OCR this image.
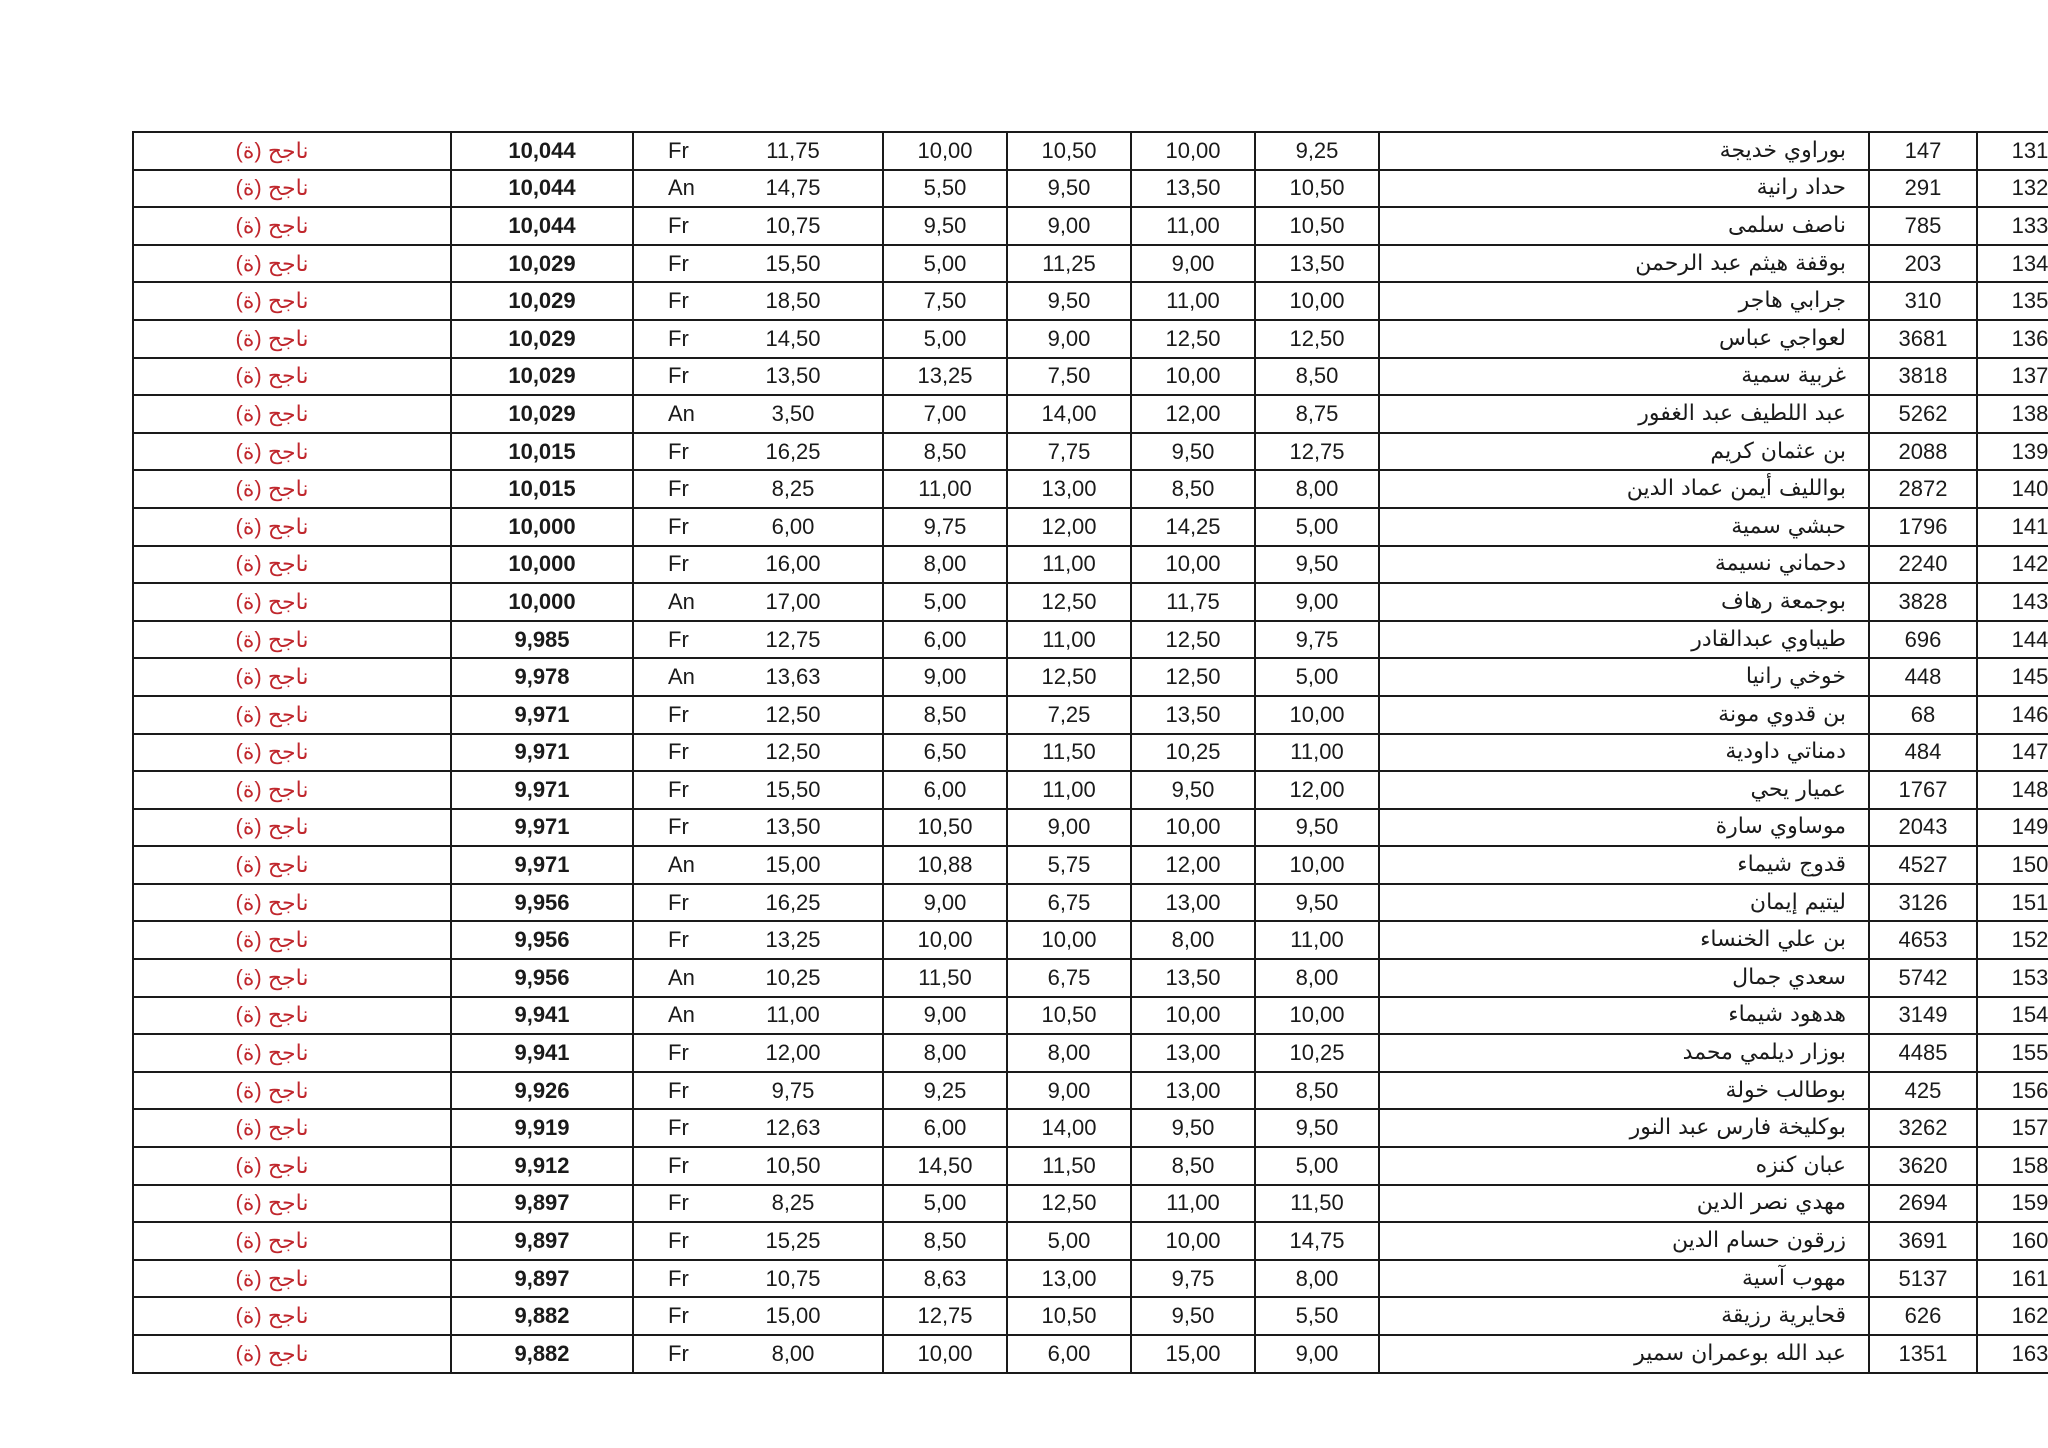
ناجح (ة)	10,044	Fr	11,75	10,00	10,50	10,00	9,25	بوراوي خديجة	147	131
ناجح (ة)	10,044	An	14,75	5,50	9,50	13,50	10,50	حداد رانية	291	132
ناجح (ة)	10,044	Fr	10,75	9,50	9,00	11,00	10,50	ناصف سلمى	785	133
ناجح (ة)	10,029	Fr	15,50	5,00	11,25	9,00	13,50	بوقفة هيثم عبد الرحمن	203	134
ناجح (ة)	10,029	Fr	18,50	7,50	9,50	11,00	10,00	جرابي هاجر	310	135
ناجح (ة)	10,029	Fr	14,50	5,00	9,00	12,50	12,50	لعواجي عباس	3681	136
ناجح (ة)	10,029	Fr	13,50	13,25	7,50	10,00	8,50	غربية سمية	3818	137
ناجح (ة)	10,029	An	3,50	7,00	14,00	12,00	8,75	عبد اللطيف عبد الغفور	5262	138
ناجح (ة)	10,015	Fr	16,25	8,50	7,75	9,50	12,75	بن عثمان كريم	2088	139
ناجح (ة)	10,015	Fr	8,25	11,00	13,00	8,50	8,00	بوالليف أيمن عماد الدين	2872	140
ناجح (ة)	10,000	Fr	6,00	9,75	12,00	14,25	5,00	حبشي سمية	1796	141
ناجح (ة)	10,000	Fr	16,00	8,00	11,00	10,00	9,50	دحماني نسيمة	2240	142
ناجح (ة)	10,000	An	17,00	5,00	12,50	11,75	9,00	بوجمعة رهاف	3828	143
ناجح (ة)	9,985	Fr	12,75	6,00	11,00	12,50	9,75	طيباوي عبدالقادر	696	144
ناجح (ة)	9,978	An	13,63	9,00	12,50	12,50	5,00	خوخي رانيا	448	145
ناجح (ة)	9,971	Fr	12,50	8,50	7,25	13,50	10,00	بن قدوي مونة	68	146
ناجح (ة)	9,971	Fr	12,50	6,50	11,50	10,25	11,00	دمناتي داودية	484	147
ناجح (ة)	9,971	Fr	15,50	6,00	11,00	9,50	12,00	عميار يحي	1767	148
ناجح (ة)	9,971	Fr	13,50	10,50	9,00	10,00	9,50	موساوي سارة	2043	149
ناجح (ة)	9,971	An	15,00	10,88	5,75	12,00	10,00	قدوج شيماء	4527	150
ناجح (ة)	9,956	Fr	16,25	9,00	6,75	13,00	9,50	ليتيم إيمان	3126	151
ناجح (ة)	9,956	Fr	13,25	10,00	10,00	8,00	11,00	بن علي الخنساء	4653	152
ناجح (ة)	9,956	An	10,25	11,50	6,75	13,50	8,00	سعدي جمال	5742	153
ناجح (ة)	9,941	An	11,00	9,00	10,50	10,00	10,00	هدهود شيماء	3149	154
ناجح (ة)	9,941	Fr	12,00	8,00	8,00	13,00	10,25	بوزار ديلمي محمد	4485	155
ناجح (ة)	9,926	Fr	9,75	9,25	9,00	13,00	8,50	بوطالب خولة	425	156
ناجح (ة)	9,919	Fr	12,63	6,00	14,00	9,50	9,50	بوكليخة فارس عبد النور	3262	157
ناجح (ة)	9,912	Fr	10,50	14,50	11,50	8,50	5,00	عبان كنزه	3620	158
ناجح (ة)	9,897	Fr	8,25	5,00	12,50	11,00	11,50	مهدي نصر الدين	2694	159
ناجح (ة)	9,897	Fr	15,25	8,50	5,00	10,00	14,75	زرقون حسام الدين	3691	160
ناجح (ة)	9,897	Fr	10,75	8,63	13,00	9,75	8,00	مهوب آسية	5137	161
ناجح (ة)	9,882	Fr	15,00	12,75	10,50	9,50	5,50	قحايرية رزيقة	626	162
ناجح (ة)	9,882	Fr	8,00	10,00	6,00	15,00	9,00	عبد الله بوعمران سمير	1351	163
